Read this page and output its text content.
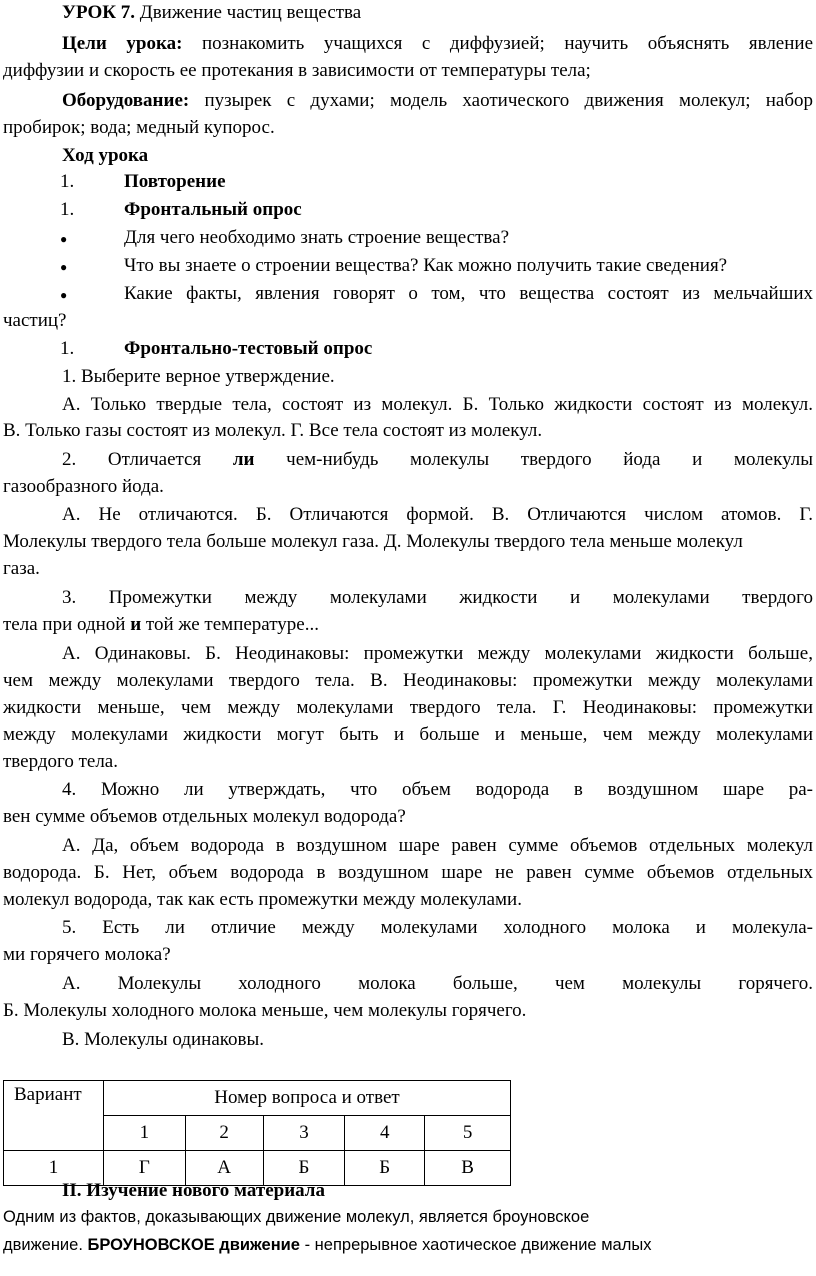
УРОК 7. Движение частиц вещества
Цели урока: познакомить учащихся с диффузией; научить объяснять явление
диффузии и скорость ее протекания в зависимости от температуры тела;
Оборудование: пузырек с духами; модель хаотического движения молекул; набор
пробирок; вода; медный купорос.
Ход урока
1.	Повторение
1.	Фронтальный опрос
●	Для чего необходимо знать строение вещества?
●	Что вы знаете о строении вещества? Как можно получить такие сведения?
●	Какие факты, явления говорят о том, что вещества состоят из мельчайших
частиц?
1.	Фронтально-тестовый опрос
1. Выберите верное утверждение.
А. Только твердые тела, состоят из молекул. Б. Только жидкости состоят из молекул.
В. Только газы состоят из молекул. Г. Все тела состоят из молекул.
2. Отличается ли чем-нибудь молекулы твердого йода и молекулы
газообразного йода.
А. Не отличаются. Б. Отличаются формой. В. Отличаются числом атомов. Г.
Молекулы твердого тела больше молекул газа. Д. Молекулы твердого тела меньше молекул
газа.
3. Промежутки между молекулами жидкости и молекулами твердого
тела при одной и той же температуре...
А. Одинаковы. Б. Неодинаковы: промежутки между молекулами жидкости больше,
чем между молекулами твердого тела. В. Неодинаковы: промежутки между молекулами
жидкости меньше, чем между молекулами твердого тела. Г. Неодинаковы: промежутки
между молекулами жидкости могут быть и больше и меньше, чем между молекулами
твердого тела.
4. Можно ли утверждать, что объем водорода в воздушном шаре ра-
вен сумме объемов отдельных молекул водорода?
А. Да, объем водорода в воздушном шаре равен сумме объемов отдельных молекул
водорода. Б. Нет, объем водорода в воздушном шаре не равен сумме объемов отдельных
молекул водорода, так как есть промежутки между молекулами.
5. Есть ли отличие между молекулами холодного молока и молекула-
ми горячего молока?
А. Молекулы холодного молока больше, чем молекулы горячего.
Б. Молекулы холодного молока меньше, чем молекулы горячего.
В. Молекулы одинаковы.
Вариант	Номер вопроса и ответ				
	1	2	3	4	5
1	Г	А	Б	Б	В
II. Изучение нового материала
Одним из фактов, доказывающих движение молекул, является броуновское
движение. БРОУНОВСКОЕ движение - непрерывное хаотическое движение малых
